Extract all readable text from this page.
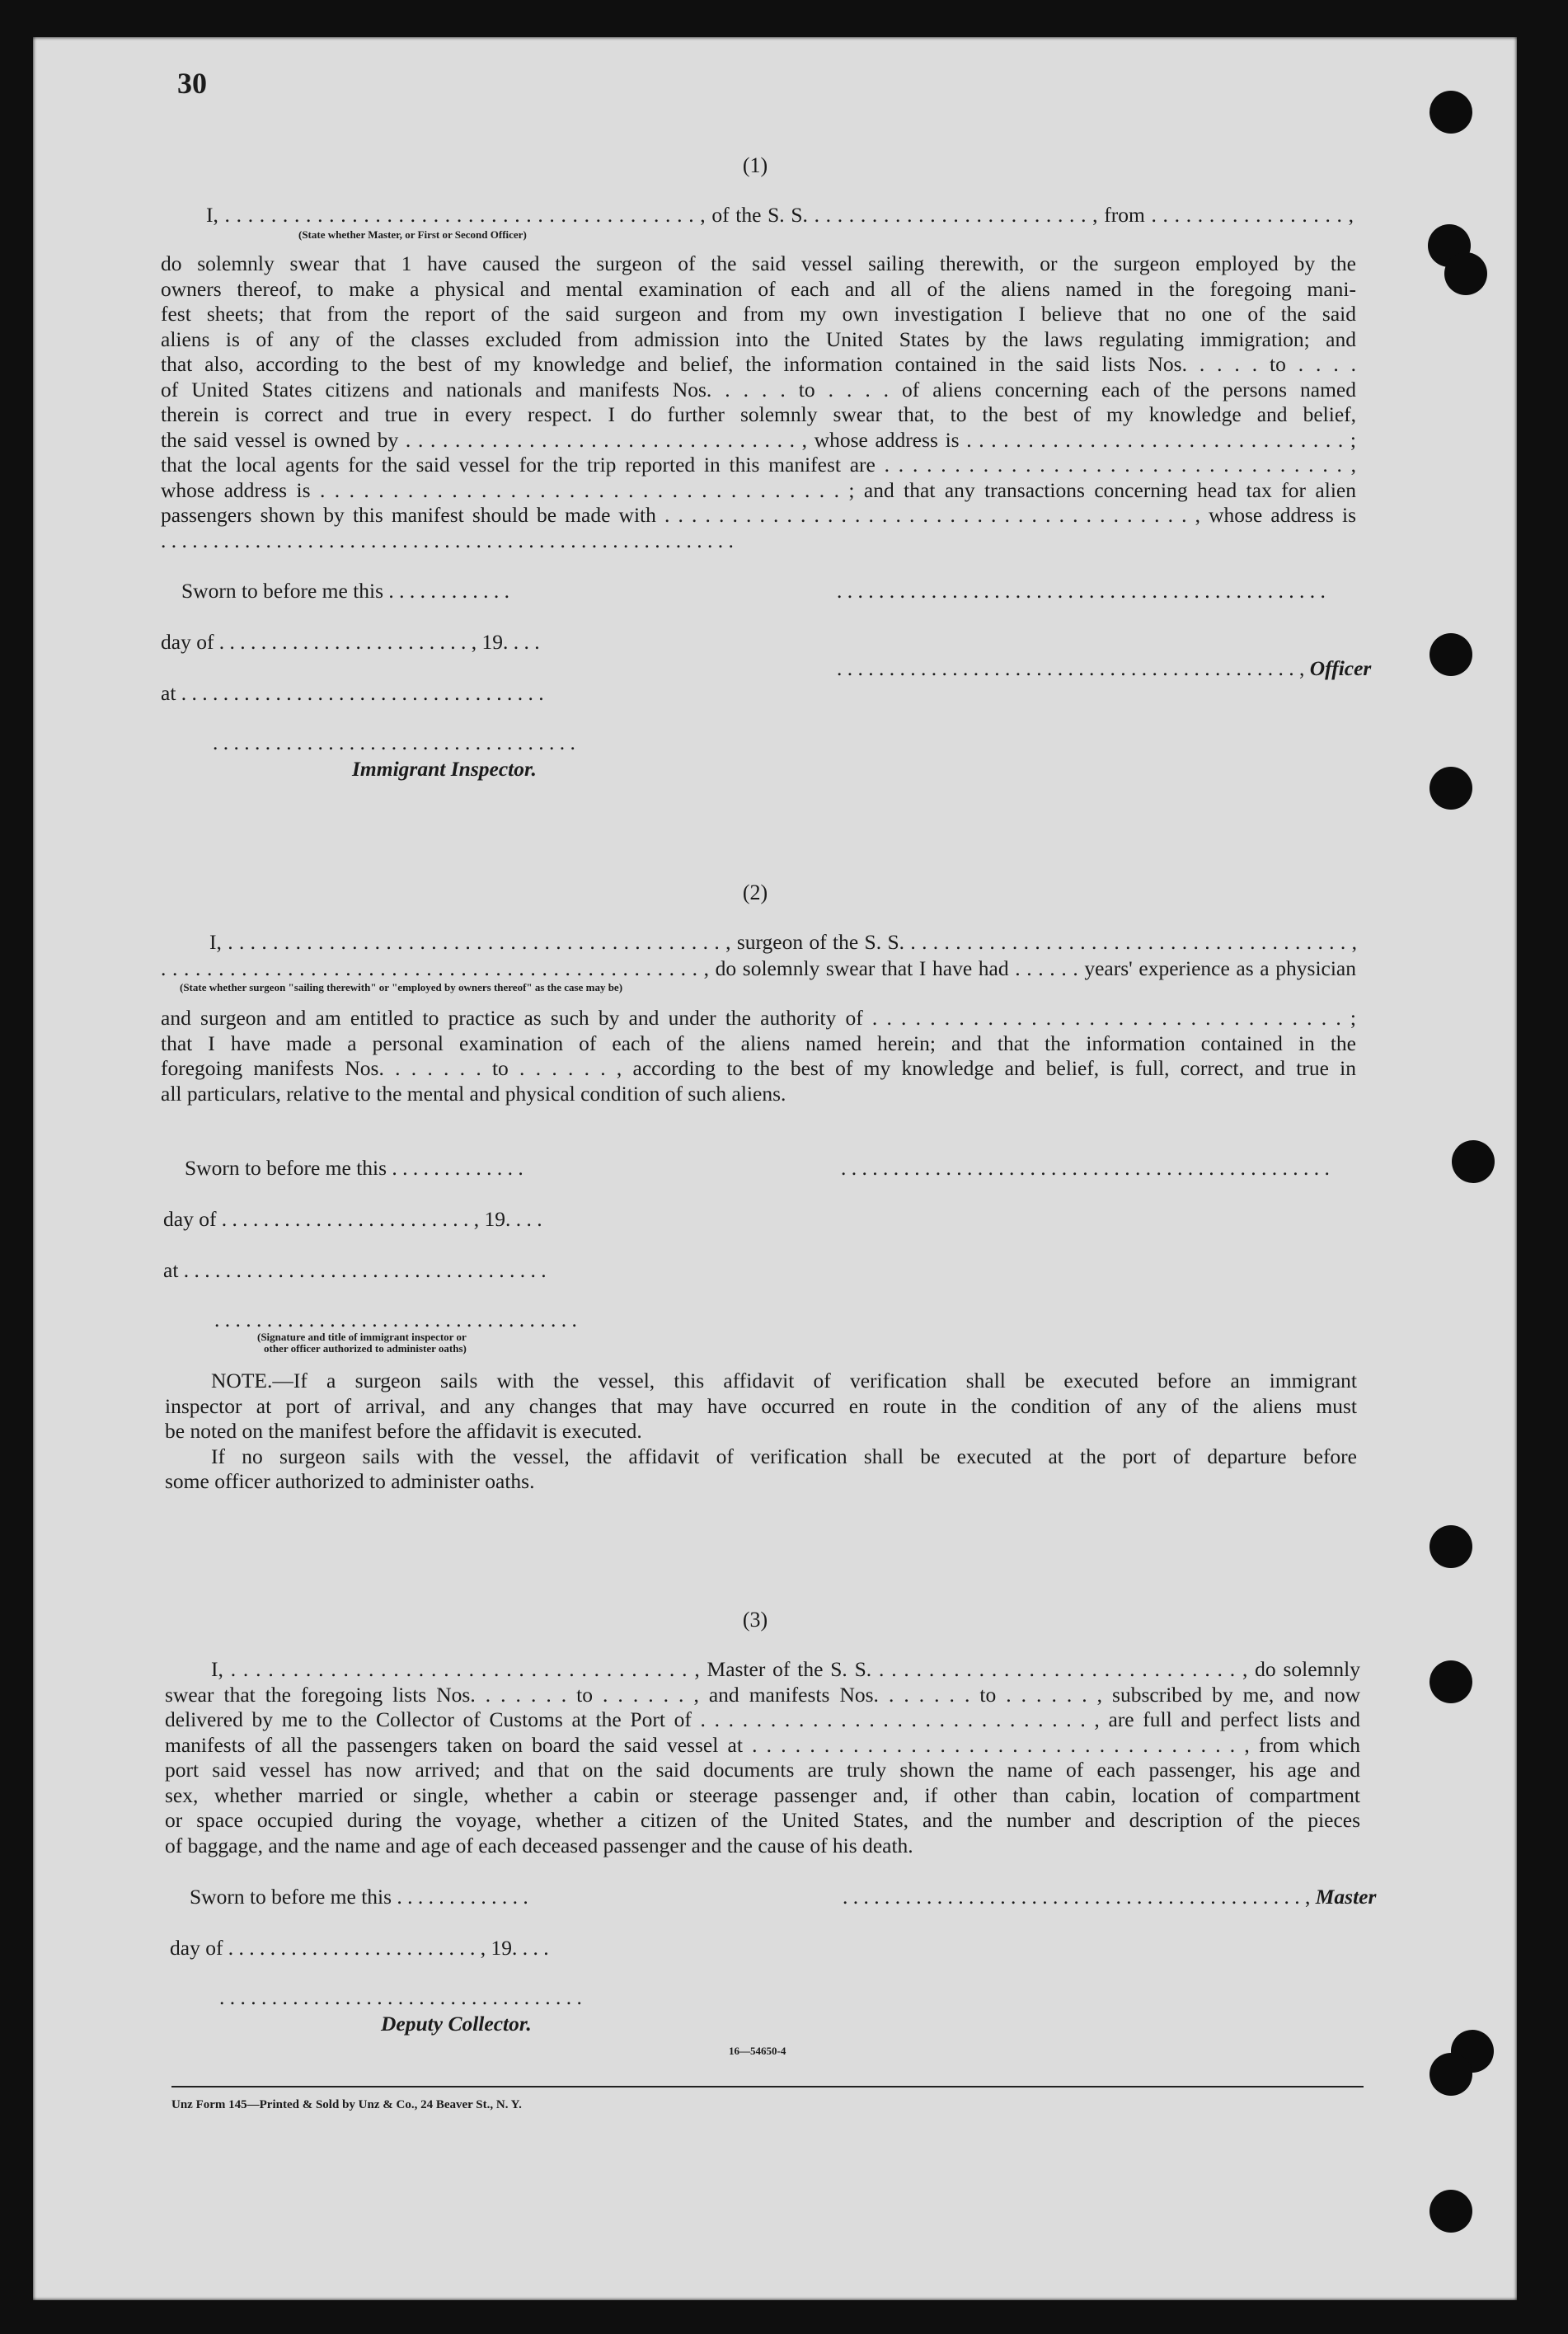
30
(1)
I, . . . . . . . . . . . . . . . . . . . . . . . . . . . . . . . . . . . . . . . . . , of the S. S. . . . . . . . . . . . . . . . . . . . . . . . . , from . . . . . . . . . . . . . . . . . ,
(State whether Master, or First or Second Officer)
do solemnly swear that 1 have caused the surgeon of the said vessel sailing therewith, or the surgeon employed by the
owners thereof, to make a physical and mental examination of each and all of the aliens named in the foregoing mani-
fest sheets; that from the report of the said surgeon and from my own investigation I believe that no one of the said
aliens is of any of the classes excluded from admission into the United States by the laws regulating immigration; and
that also, according to the best of my knowledge and belief, the information contained in the said lists Nos. . . . . to . . . .
of United States citizens and nationals and manifests Nos. . . . . to . . . . of aliens concerning each of the persons named
therein is correct and true in every respect. I do further solemnly swear that, to the best of my knowledge and belief,
the said vessel is owned by . . . . . . . . . . . . . . . . . . . . . . . . . . . . . . . . , whose address is . . . . . . . . . . . . . . . . . . . . . . . . . . . . . . . ;
that the local agents for the said vessel for the trip reported in this manifest are . . . . . . . . . . . . . . . . . . . . . . . . . . . . . . . . . ,
whose address is . . . . . . . . . . . . . . . . . . . . . . . . . . . . . . . . . . . . ; and that any transactions concerning head tax for alien
passengers shown by this manifest should be made with . . . . . . . . . . . . . . . . . . . . . . . . . . . . . . . . . . . . . . . , whose address is
. . . . . . . . . . . . . . . . . . . . . . . . . . . . . . . . . . . . . . . . . . . . . . . . . . . . . . .
Sworn to before me this . . . . . . . . . . . .
day of . . . . . . . . . . . . . . . . . . . . . . . . , 19. . . .
at . . . . . . . . . . . . . . . . . . . . . . . . . . . . . . . . . . .
. . . . . . . . . . . . . . . . . . . . . . . . . . . . . . . . . . .
Immigrant Inspector.
. . . . . . . . . . . . . . . . . . . . . . . . . . . . . . . . . . . . . . . . . . . . . . .
. . . . . . . . . . . . . . . . . . . . . . . . . . . . . . . . . . . . . . . . . . . . , Officer
(2)
I, . . . . . . . . . . . . . . . . . . . . . . . . . . . . . . . . . . . . . . . . . . . . , surgeon of the S. S. . . . . . . . . . . . . . . . . . . . . . . . . . . . . . . . . . . . . . . . ,
. . . . . . . . . . . . . . . . . . . . . . . . . . . . . . . . . . . . . . . . . . . . . . . , do solemnly swear that I have had . . . . . . years' experience as a physician
(State whether surgeon "sailing therewith" or "employed by owners thereof" as the case may be)
and surgeon and am entitled to practice as such by and under the authority of . . . . . . . . . . . . . . . . . . . . . . . . . . . . . . . . . ;
that I have made a personal examination of each of the aliens named herein; and that the information contained in the
foregoing manifests Nos. . . . . . . to . . . . . . , according to the best of my knowledge and belief, is full, correct, and true in
all particulars, relative to the mental and physical condition of such aliens.
Sworn to before me this . . . . . . . . . . . . .
day of . . . . . . . . . . . . . . . . . . . . . . . . , 19. . . .
at . . . . . . . . . . . . . . . . . . . . . . . . . . . . . . . . . . .
. . . . . . . . . . . . . . . . . . . . . . . . . . . . . . . . . . .
(Signature and title of immigrant inspector or
other officer authorized to administer oaths)
. . . . . . . . . . . . . . . . . . . . . . . . . . . . . . . . . . . . . . . . . . . . . . .
NOTE.—If a surgeon sails with the vessel, this affidavit of verification shall be executed before an immigrant
inspector at port of arrival, and any changes that may have occurred en route in the condition of any of the aliens must
be noted on the manifest before the affidavit is executed.
If no surgeon sails with the vessel, the affidavit of verification shall be executed at the port of departure before
some officer authorized to administer oaths.
(3)
I, . . . . . . . . . . . . . . . . . . . . . . . . . . . . . . . . . . . . . , Master of the S. S. . . . . . . . . . . . . . . . . . . . . . . . . . . . . . , do solemnly
swear that the foregoing lists Nos. . . . . . . to . . . . . . , and manifests Nos. . . . . . . to . . . . . . , subscribed by me, and now
delivered by me to the Collector of Customs at the Port of . . . . . . . . . . . . . . . . . . . . . . . . . . . . , are full and perfect lists and
manifests of all the passengers taken on board the said vessel at . . . . . . . . . . . . . . . . . . . . . . . . . . . . . . . . . . , from which
port said vessel has now arrived; and that on the said documents are truly shown the name of each passenger, his age and
sex, whether married or single, whether a cabin or steerage passenger and, if other than cabin, location of compartment
or space occupied during the voyage, whether a citizen of the United States, and the number and description of the pieces
of baggage, and the name and age of each deceased passenger and the cause of his death.
Sworn to before me this . . . . . . . . . . . . .
day of . . . . . . . . . . . . . . . . . . . . . . . . , 19. . . .
. . . . . . . . . . . . . . . . . . . . . . . . . . . . . . . . . . .
Deputy Collector.
. . . . . . . . . . . . . . . . . . . . . . . . . . . . . . . . . . . . . . . . . . . . , Master
16—54650-4
Unz Form 145—Printed & Sold by Unz & Co., 24 Beaver St., N. Y.
